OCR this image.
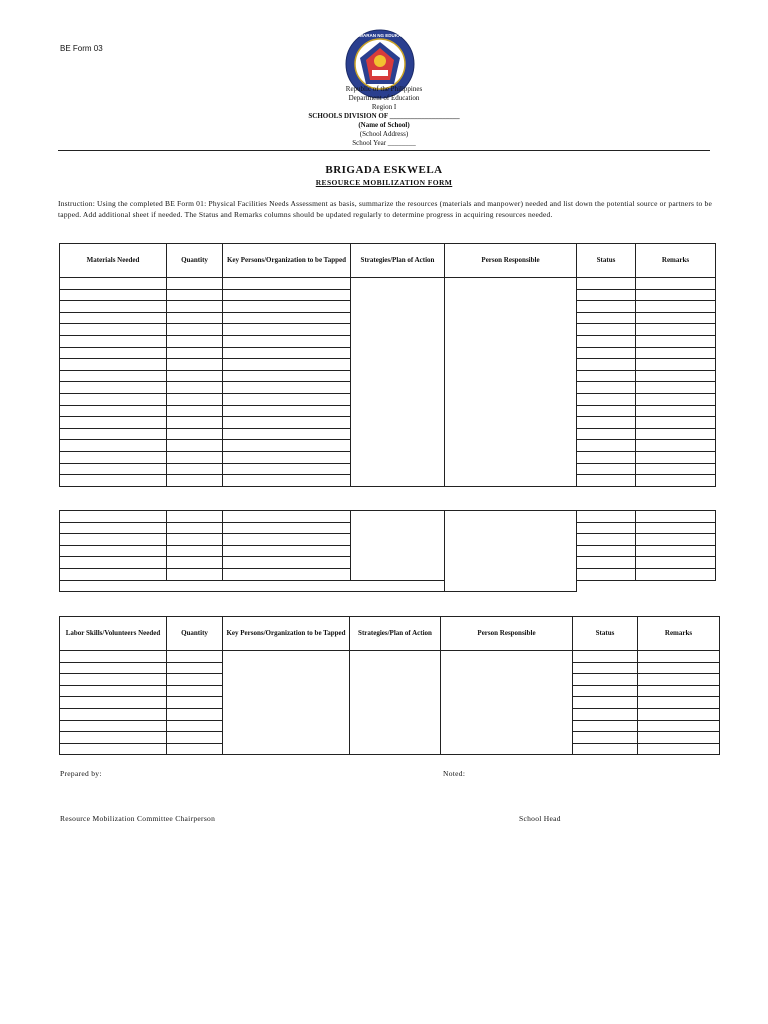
BE Form 03
KAGAWARAN NG EDUKASYON
Republic of the Philippines
Department of Education
Region I
SCHOOLS DIVISION OF ____________________
(Name of School)
(School Address)
School Year ________
BRIGADA ESKWELA
RESOURCE MOBILIZATION FORM
Instruction: Using the completed BE Form 01: Physical Facilities Needs Assessment as basis, summarize the resources (materials and manpower) needed and list down the potential source or partners to be tapped. Add additional sheet if needed. The Status and Remarks columns should be updated regularly to determine progress in acquiring resources needed.
Materials Needed	Quantity	Key Persons/Organization to be Tapped	Strategies/Plan of Action	Person Responsible	Status	Remarks

Labor Skills/Volunteers Needed	Quantity	Key Persons/Organization to be Tapped	Strategies/Plan of Action	Person Responsible	Status	Remarks

Prepared by:	Noted:
Resource Mobilization Committee Chairperson	School Head
